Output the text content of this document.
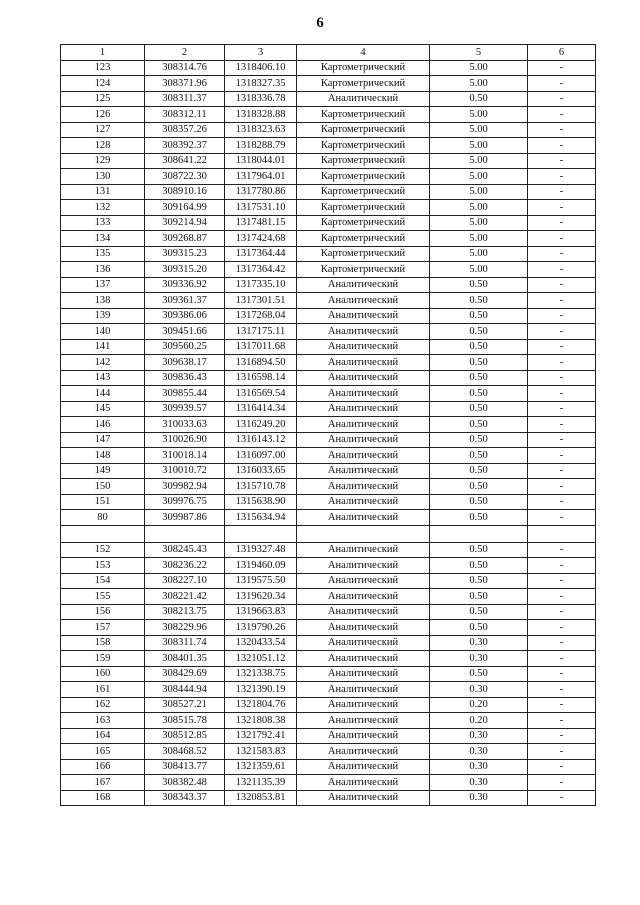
6
1	2	3	4	5	6
123	308314.76	1318406.10	Картометрический	5.00	-
124	308371.96	1318327.35	Картометрический	5.00	-
125	308311.37	1318336.78	Аналитический	0.50	-
126	308312.11	1318328.88	Картометрический	5.00	-
127	308357.26	1318323.63	Картометрический	5.00	-
128	308392.37	1318288.79	Картометрический	5.00	-
129	308641.22	1318044.01	Картометрический	5.00	-
130	308722.30	1317964.01	Картометрический	5.00	-
131	308910.16	1317780.86	Картометрический	5.00	-
132	309164.99	1317531.10	Картометрический	5.00	-
133	309214.94	1317481.15	Картометрический	5.00	-
134	309268.87	1317424.68	Картометрический	5.00	-
135	309315.23	1317364.44	Картометрический	5.00	-
136	309315.20	1317364.42	Картометрический	5.00	-
137	309336.92	1317335.10	Аналитический	0.50	-
138	309361.37	1317301.51	Аналитический	0.50	-
139	309386.06	1317268.04	Аналитический	0.50	-
140	309451.66	1317175.11	Аналитический	0.50	-
141	309560.25	1317011.68	Аналитический	0.50	-
142	309638.17	1316894.50	Аналитический	0.50	-
143	309836.43	1316598.14	Аналитический	0.50	-
144	309855.44	1316569.54	Аналитический	0.50	-
145	309939.57	1316414.34	Аналитический	0.50	-
146	310033.63	1316249.20	Аналитический	0.50	-
147	310026.90	1316143.12	Аналитический	0.50	-
148	310018.14	1316097.00	Аналитический	0.50	-
149	310010.72	1316033.65	Аналитический	0.50	-
150	309982.94	1315710.78	Аналитический	0.50	-
151	309976.75	1315638.90	Аналитический	0.50	-
80	309987.86	1315634.94	Аналитический	0.50	-

152	308245.43	1319327.48	Аналитический	0.50	-
153	308236.22	1319460.09	Аналитический	0.50	-
154	308227.10	1319575.50	Аналитический	0.50	-
155	308221.42	1319620.34	Аналитический	0.50	-
156	308213.75	1319663.83	Аналитический	0.50	-
157	308229.96	1319790.26	Аналитический	0.50	-
158	308311.74	1320433.54	Аналитический	0.30	-
159	308401.35	1321051.12	Аналитический	0.30	-
160	308429.69	1321338.75	Аналитический	0.50	-
161	308444.94	1321390.19	Аналитический	0.30	-
162	308527.21	1321804.76	Аналитический	0.20	-
163	308515.78	1321808.38	Аналитический	0.20	-
164	308512.85	1321792.41	Аналитический	0.30	-
165	308468.52	1321583.83	Аналитический	0.30	-
166	308413.77	1321359.61	Аналитический	0.30	-
167	308382.48	1321135.39	Аналитический	0.30	-
168	308343.37	1320853.81	Аналитический	0.30	-
